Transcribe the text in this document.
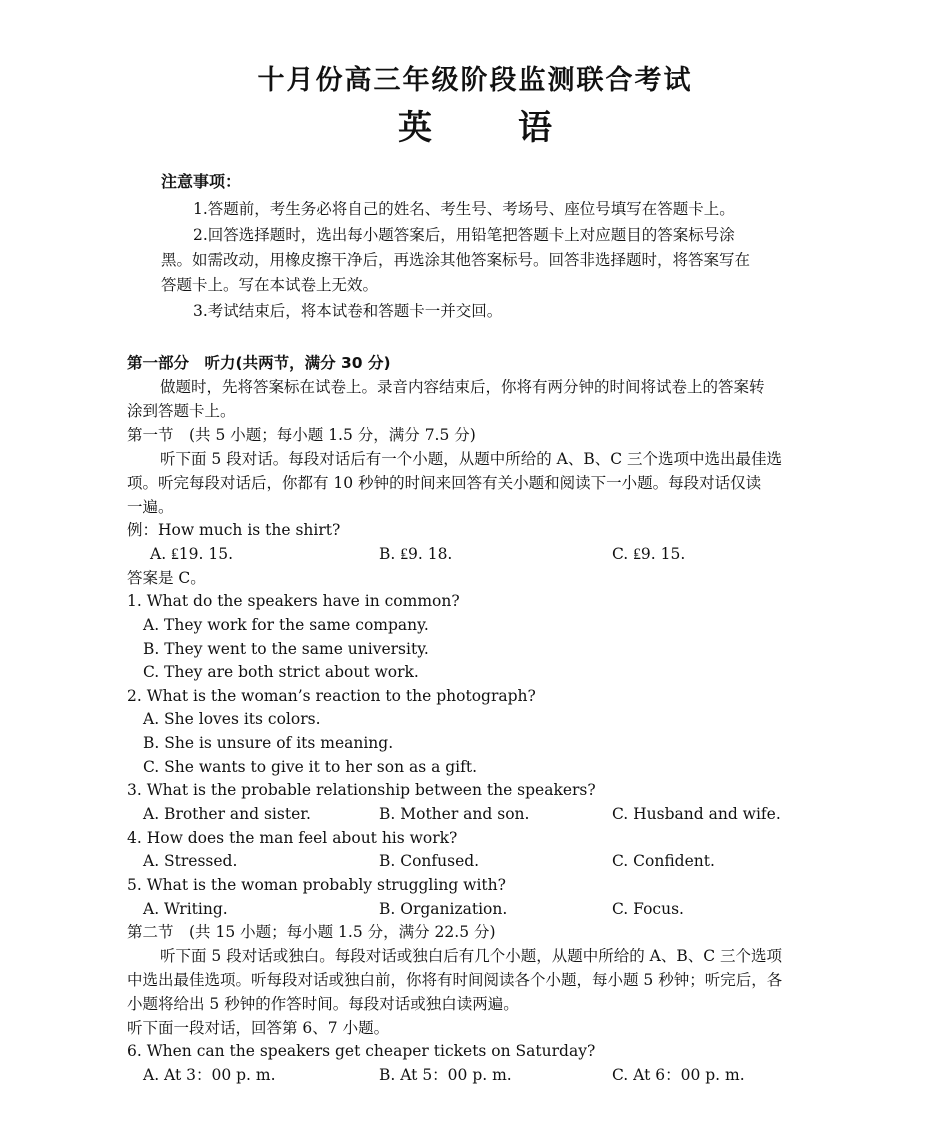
十月份高三年级阶段监测联合考试
英	语
注意事项：
1.答题前，考生务必将自己的姓名、考生号、考场号、座位号填写在答题卡上。
2.回答选择题时，选出每小题答案后，用铅笔把答题卡上对应题目的答案标号涂
黑。如需改动，用橡皮擦干净后，再选涂其他答案标号。回答非选择题时，将答案写在
答题卡上。写在本试卷上无效。
3.考试结束后，将本试卷和答题卡一并交回。
第一部分　听力(共两节，满分 30 分)
做题时，先将答案标在试卷上。录音内容结束后，你将有两分钟的时间将试卷上的答案转
涂到答题卡上。
第一节　(共 5 小题；每小题 1.5 分，满分 7.5 分)
听下面 5 段对话。每段对话后有一个小题，从题中所给的 A、B、C 三个选项中选出最佳选
项。听完每段对话后，你都有 10 秒钟的时间来回答有关小题和阅读下一小题。每段对话仅读
一遍。
例：How much is the shirt?
A. ₤19. 15.	B. ₤9. 18.	C. ₤9. 15.
答案是 C。
1. What do the speakers have in common?
A. They work for the same company.
B. They went to the same university.
C. They are both strict about work.
2. What is the woman’s reaction to the photograph?
A. She loves its colors.
B. She is unsure of its meaning.
C. She wants to give it to her son as a gift.
3. What is the probable relationship between the speakers?
A. Brother and sister.	B. Mother and son.	C. Husband and wife.
4. How does the man feel about his work?
A. Stressed.	B. Confused.	C. Confident.
5. What is the woman probably struggling with?
A. Writing.	B. Organization.	C. Focus.
第二节　(共 15 小题；每小题 1.5 分，满分 22.5 分)
听下面 5 段对话或独白。每段对话或独白后有几个小题，从题中所给的 A、B、C 三个选项
中选出最佳选项。听每段对话或独白前，你将有时间阅读各个小题，每小题 5 秒钟；听完后，各
小题将给出 5 秒钟的作答时间。每段对话或独白读两遍。
听下面一段对话，回答第 6、7 小题。
6. When can the speakers get cheaper tickets on Saturday?
A. At 3：00 p. m.	B. At 5：00 p. m.	C. At 6：00 p. m.
